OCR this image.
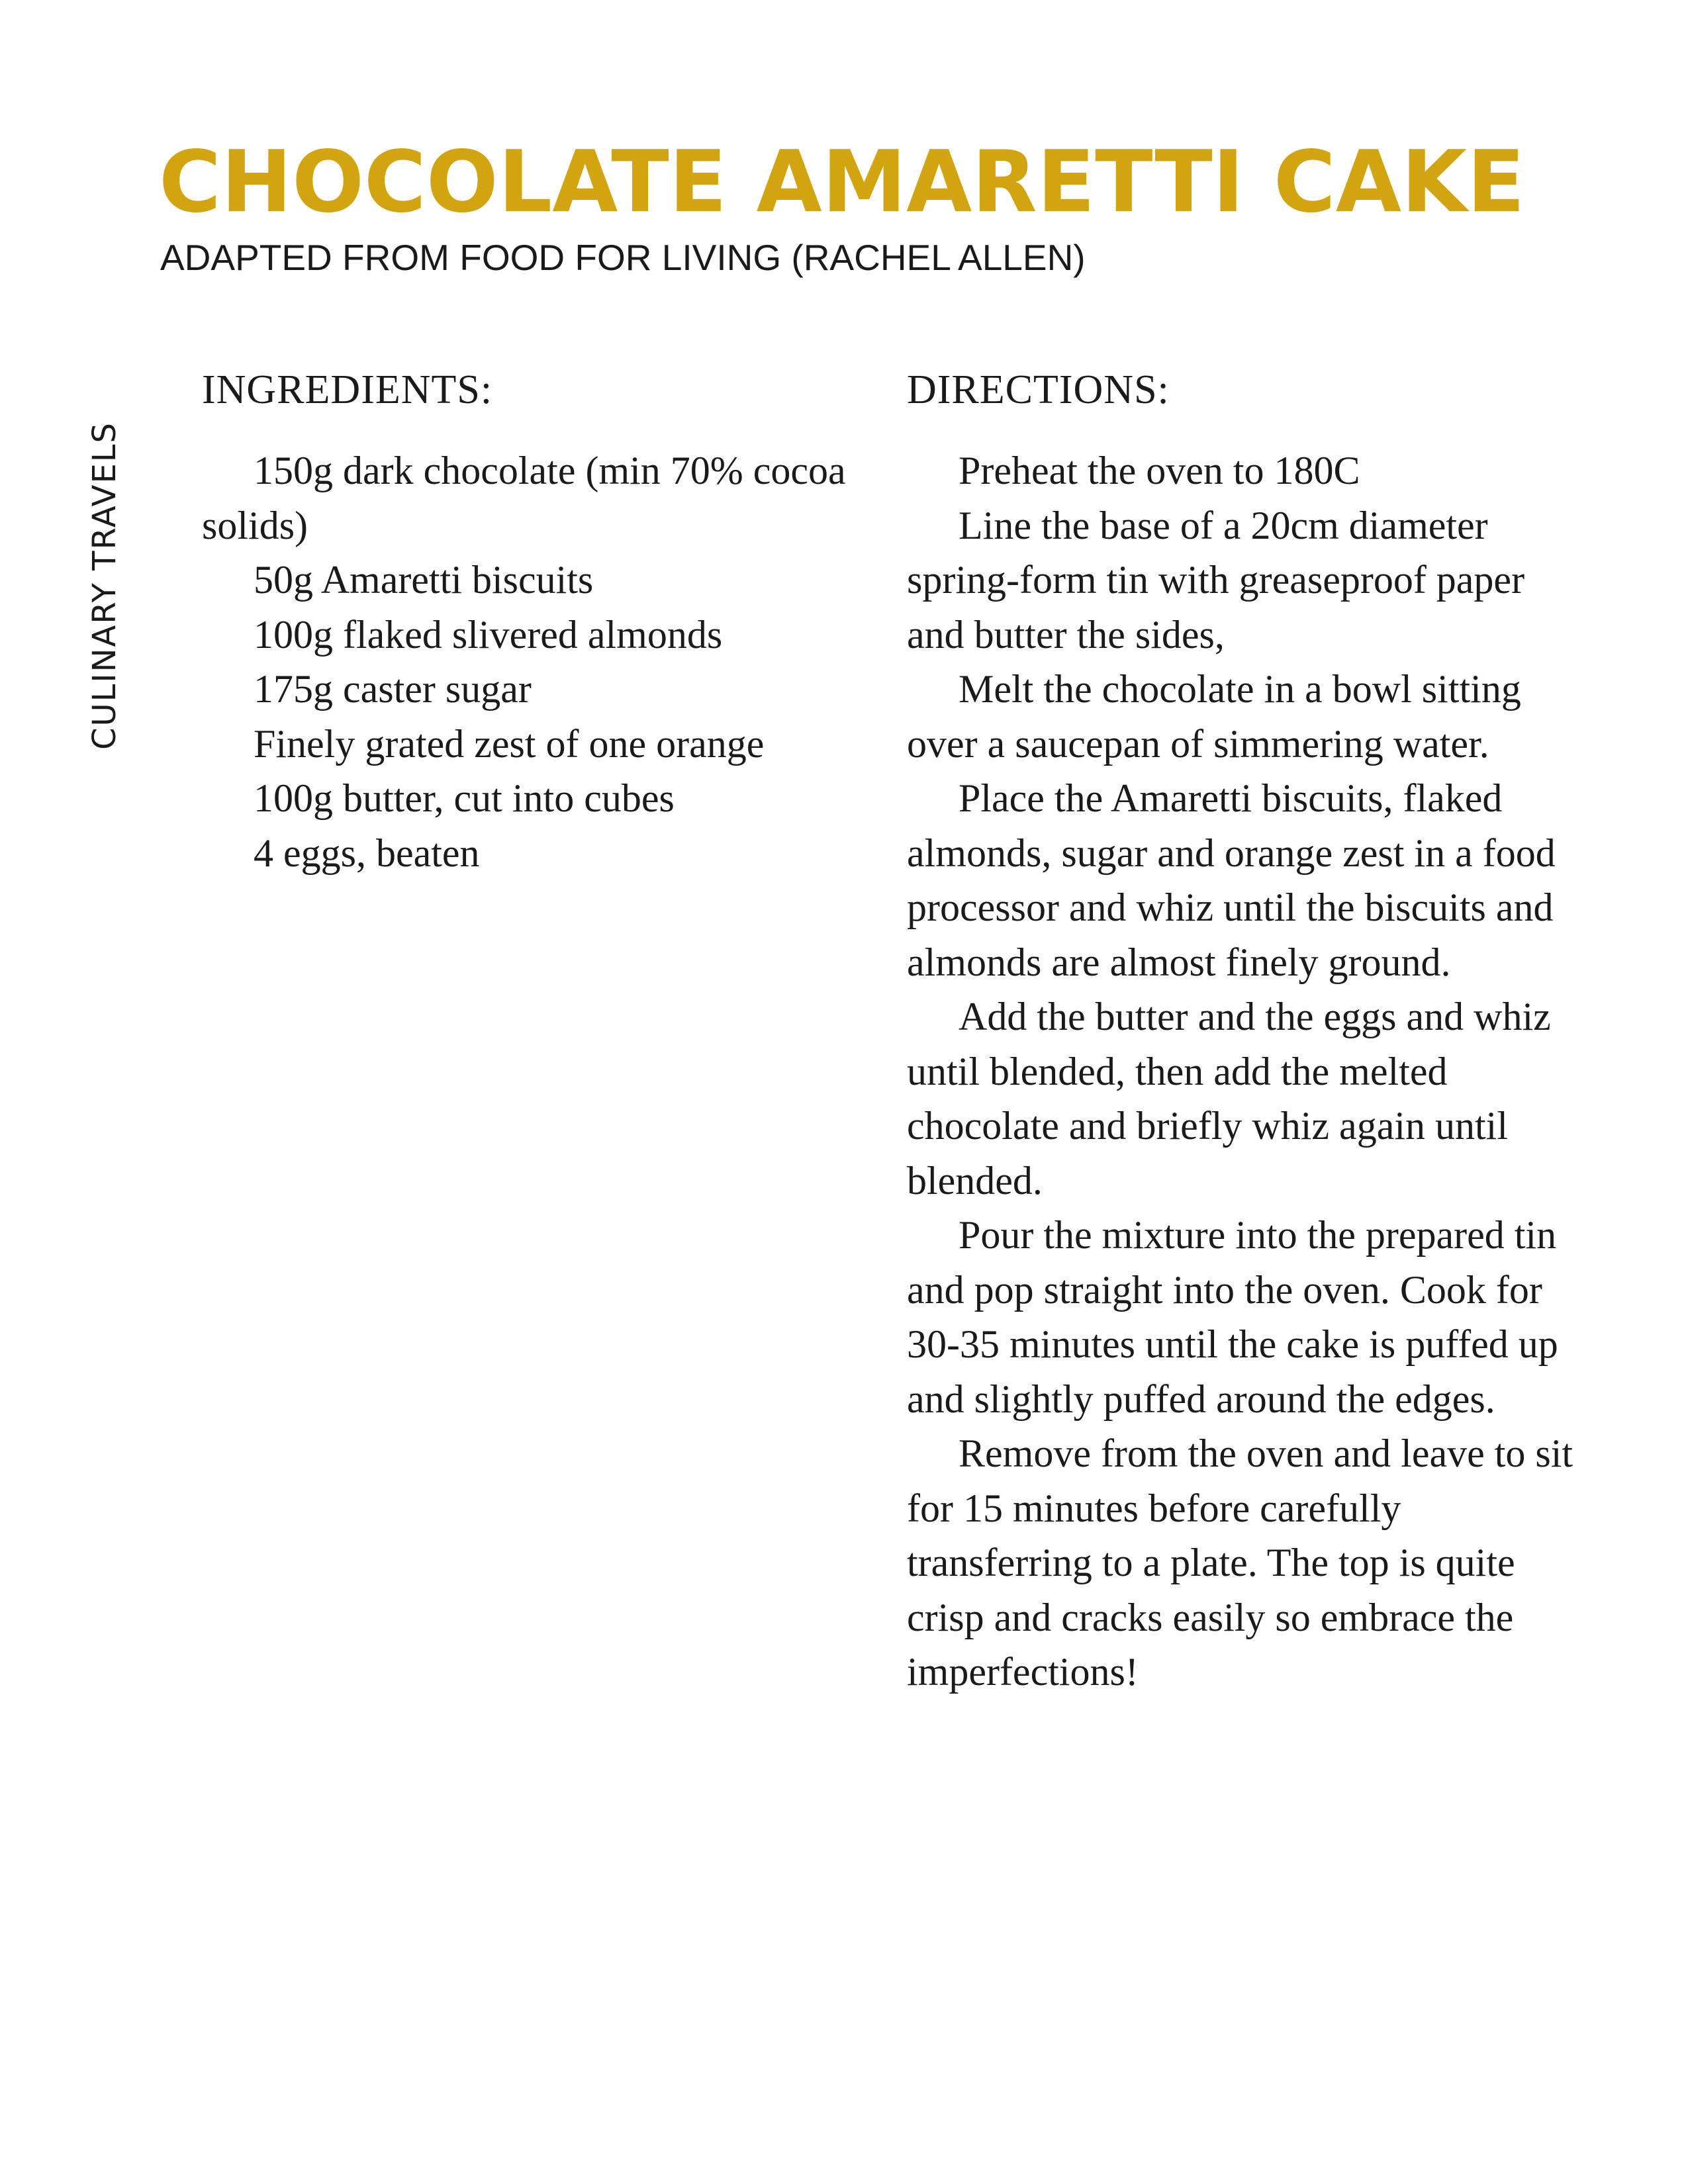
CHOCOLATE AMARETTI CAKE

ADAPTED FROM FOOD FOR LIVING (RACHEL ALLEN)

CULINARY TRAVELS
INGREDIENTS:
150g dark chocolate (min 70% cocoa solids)
50g Amaretti biscuits
100g flaked slivered almonds
175g caster sugar
Finely grated zest of one orange
100g butter, cut into cubes
4 eggs, beaten
DIRECTIONS:
Preheat the oven to 180C
Line the base of a 20cm diameter spring-form tin with greaseproof paper and butter the sides,
Melt the chocolate in a bowl sitting over a saucepan of simmering water.
Place the Amaretti biscuits, flaked almonds, sugar and orange zest in a food processor and whiz until the biscuits and almonds are almost finely ground.
Add the butter and the eggs and whiz until blended, then add the melted chocolate and briefly whiz again until blended.
Pour the mixture into the prepared tin and pop straight into the oven. Cook for 30-35 minutes until the cake is puffed up and slightly puffed around the edges.
Remove from the oven and leave to sit for 15 minutes before carefully transferring to a plate. The top is quite crisp and cracks easily so embrace the imperfections!
